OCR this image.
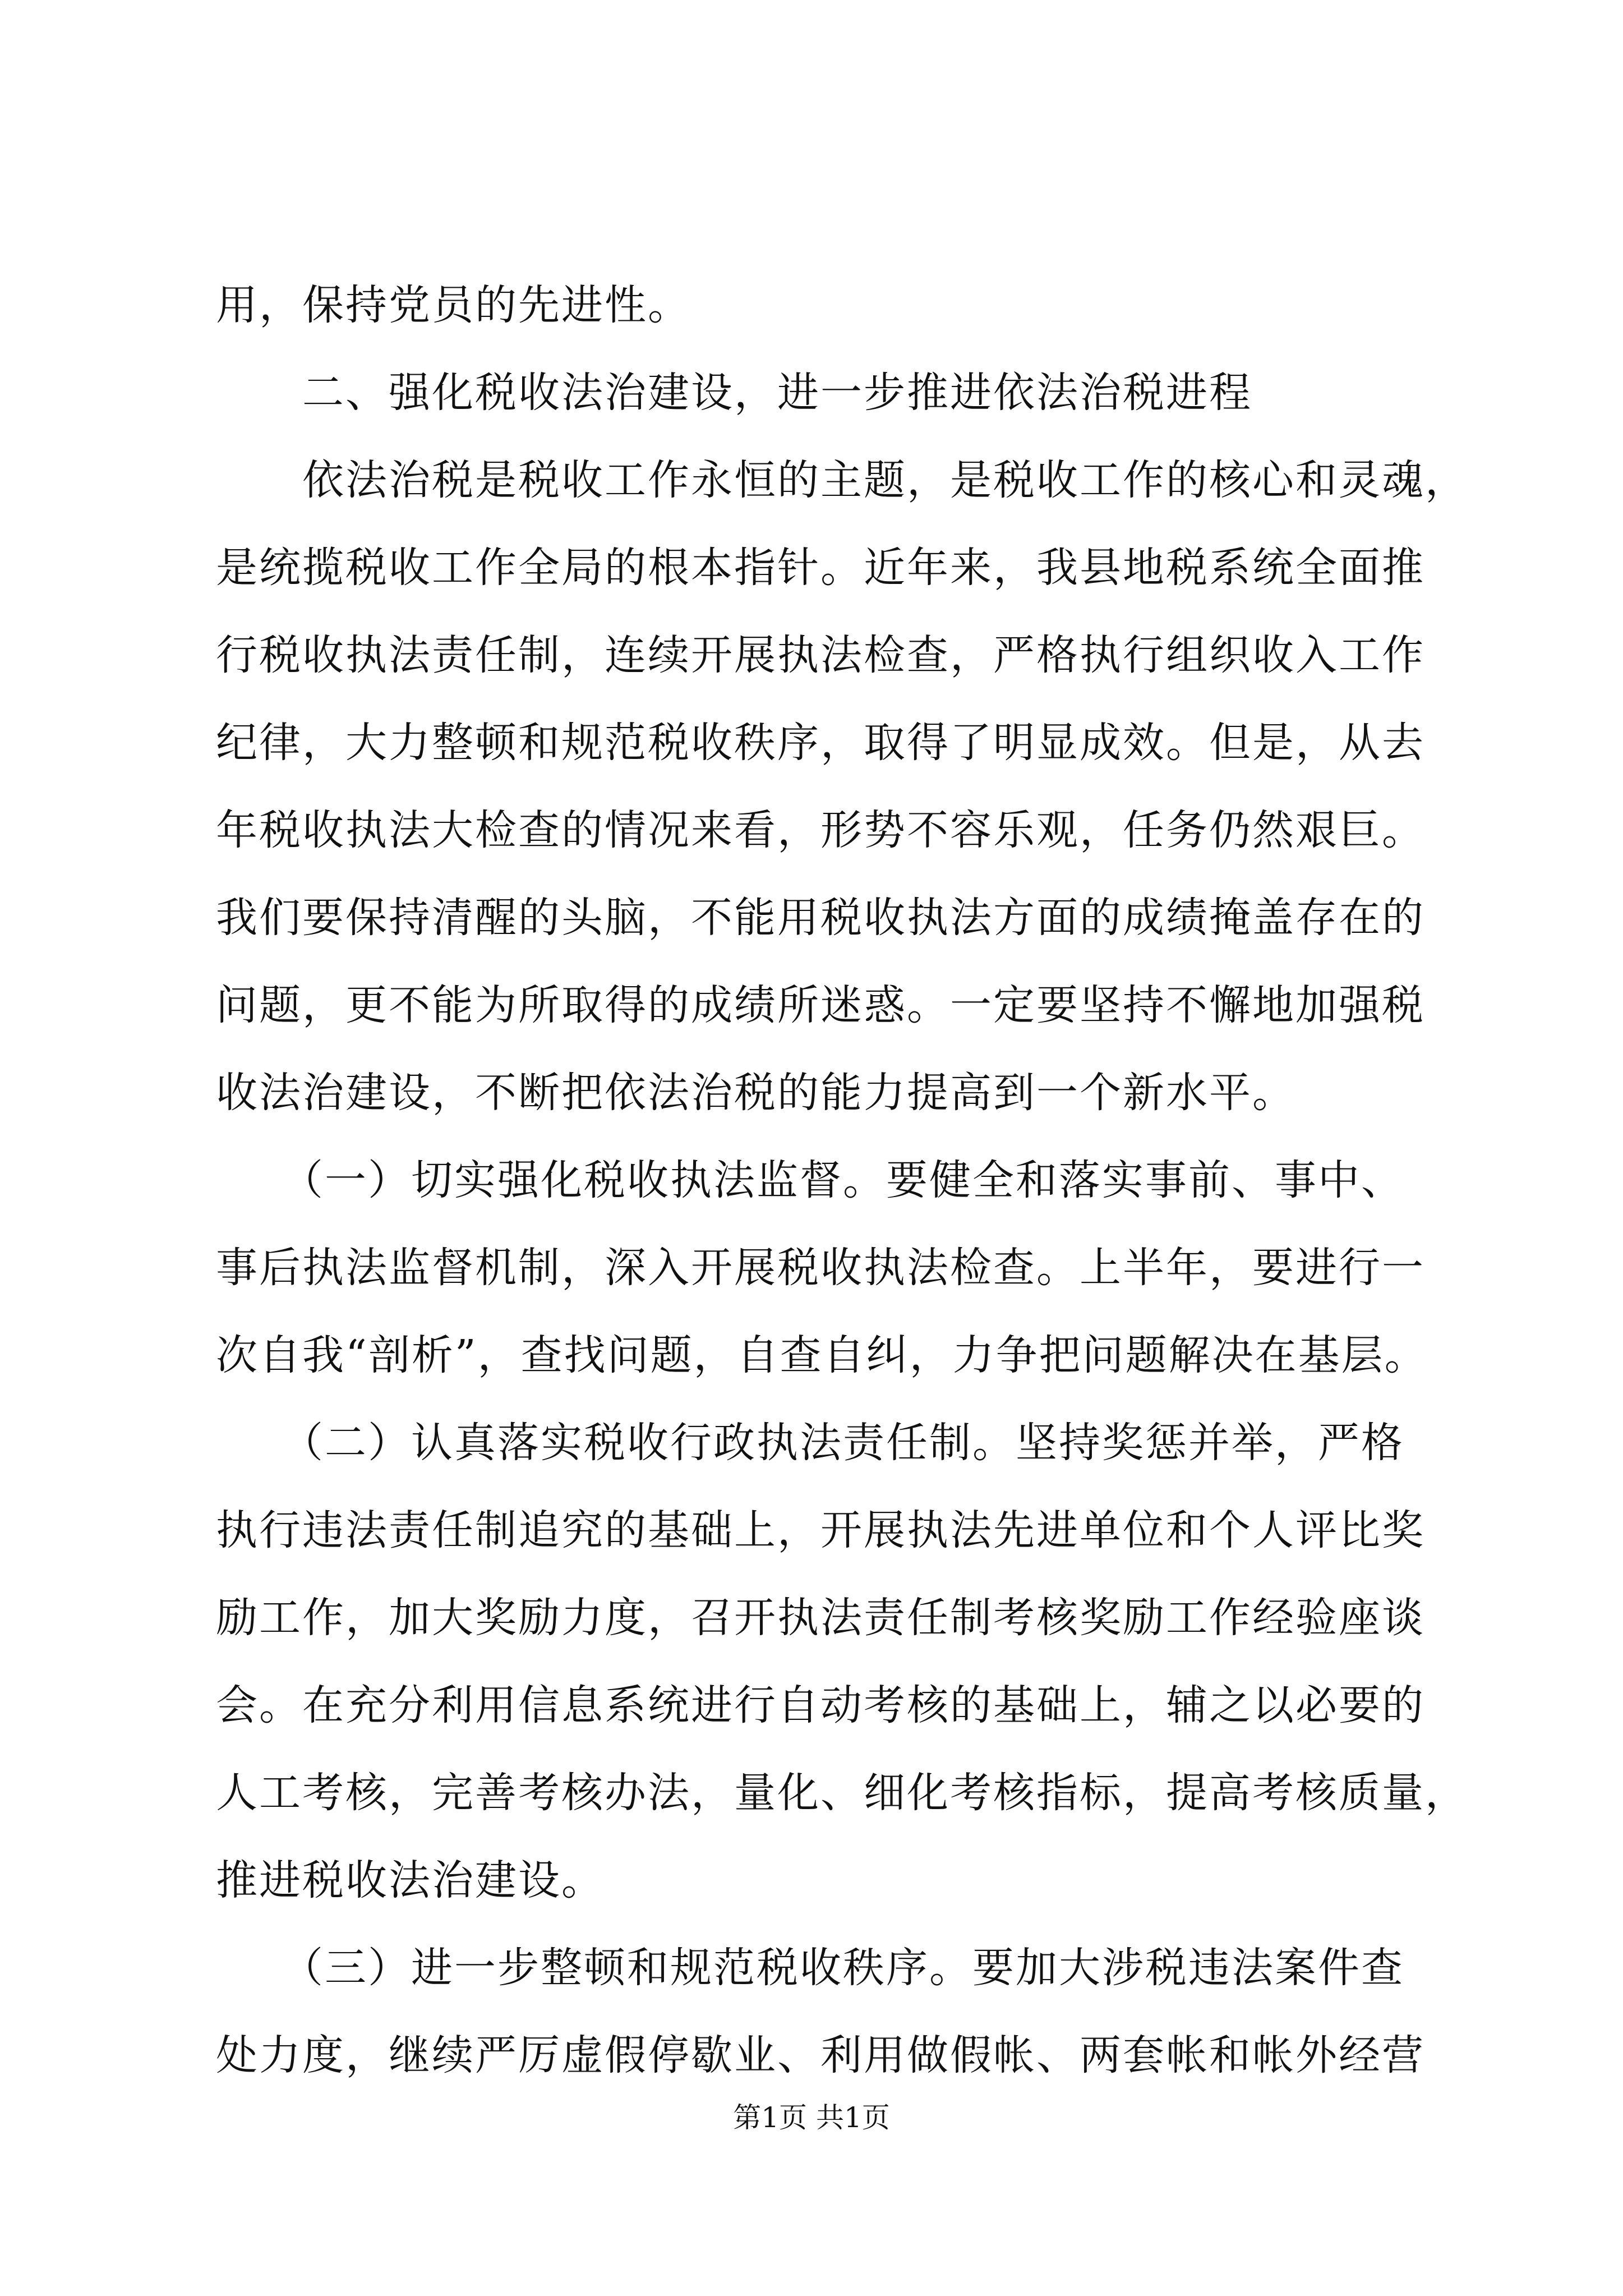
用，保持党员的先进性。
　　二、强化税收法治建设，进一步推进依法治税进程
　　依法治税是税收工作永恒的主题，是税收工作的核心和灵魂，
是统揽税收工作全局的根本指针。近年来，我县地税系统全面推
行税收执法责任制，连续开展执法检查，严格执行组织收入工作
纪律，大力整顿和规范税收秩序，取得了明显成效。但是，从去
年税收执法大检查的情况来看，形势不容乐观，任务仍然艰巨。
我们要保持清醒的头脑，不能用税收执法方面的成绩掩盖存在的
问题，更不能为所取得的成绩所迷惑。一定要坚持不懈地加强税
收法治建设，不断把依法治税的能力提高到一个新水平。
　　（一）切实强化税收执法监督。要健全和落实事前、事中、
事后执法监督机制，深入开展税收执法检查。上半年，要进行一
次自我“剖析”，查找问题，自查自纠，力争把问题解决在基层。
　　（二）认真落实税收行政执法责任制。坚持奖惩并举，严格
执行违法责任制追究的基础上，开展执法先进单位和个人评比奖
励工作，加大奖励力度，召开执法责任制考核奖励工作经验座谈
会。在充分利用信息系统进行自动考核的基础上，辅之以必要的
人工考核，完善考核办法，量化、细化考核指标，提高考核质量，
推进税收法治建设。
　　（三）进一步整顿和规范税收秩序。要加大涉税违法案件查
处力度，继续严厉虚假停歇业、利用做假帐、两套帐和帐外经营
第1页 共1页
